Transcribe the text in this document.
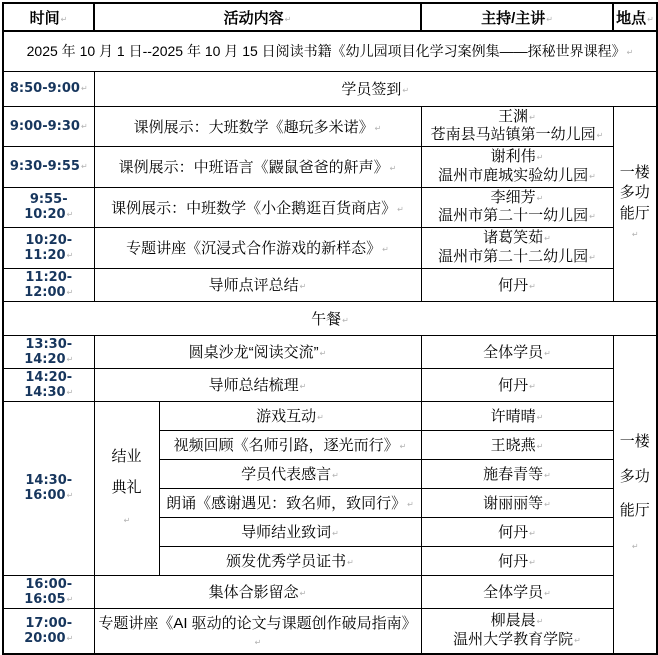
时间 ↵	活动内容 ↵		主持/主讲 ↵	地点 ↵
2025 年 10 月 1 日--2025 年 10 月 15 日阅读书籍《幼儿园项目化学习案例集——探秘世界课程》 ↵
8:50-9:00 ↵	学员签到 ↵
9:00-9:30 ↵	课例展示：大班数学《趣玩多米诺》 ↵		王渊 ↵
苍南县马站镇第一幼儿园 ↵	一楼多功能厅 ↵
9:30-9:55 ↵	课例展示：中班语言《鼹鼠爸爸的鼾声》 ↵		谢利伟 ↵
温州市鹿城实验幼儿园 ↵

9:55-10:20 ↵	课例展示：中班数学《小企鹅逛百货商店》 ↵		李细芳 ↵
温州市第二十一幼儿园 ↵

10:20-11:20 ↵	专题讲座《沉浸式合作游戏的新样态》 ↵		诸葛笑茹 ↵
温州市第二十二幼儿园 ↵

11:20-12:00 ↵	导师点评总结 ↵		何丹 ↵
午餐 ↵
13:30-14:20 ↵	圆桌沙龙“阅读交流” ↵		全体学员 ↵	一楼多功能厅 ↵
14:20-14:30 ↵	导师总结梳理 ↵		何丹 ↵
14:30-16:00 ↵	结业典礼 ↵	游戏互动 ↵	许晴晴 ↵
		视频回顾《名师引路，逐光而行》 ↵	王晓燕 ↵
		学员代表感言 ↵	施春青等 ↵
		朗诵《感谢遇见：致名师，致同行》 ↵	谢丽丽等 ↵
		导师结业致词 ↵	何丹 ↵
		颁发优秀学员证书 ↵	何丹 ↵
16:00-16:05 ↵	集体合影留念 ↵		全体学员 ↵
17:00-20:00 ↵	专题讲座《AI 驱动的论文与课题创作破局指南》 ↵		柳晨晨 ↵
温州大学教育学院 ↵
